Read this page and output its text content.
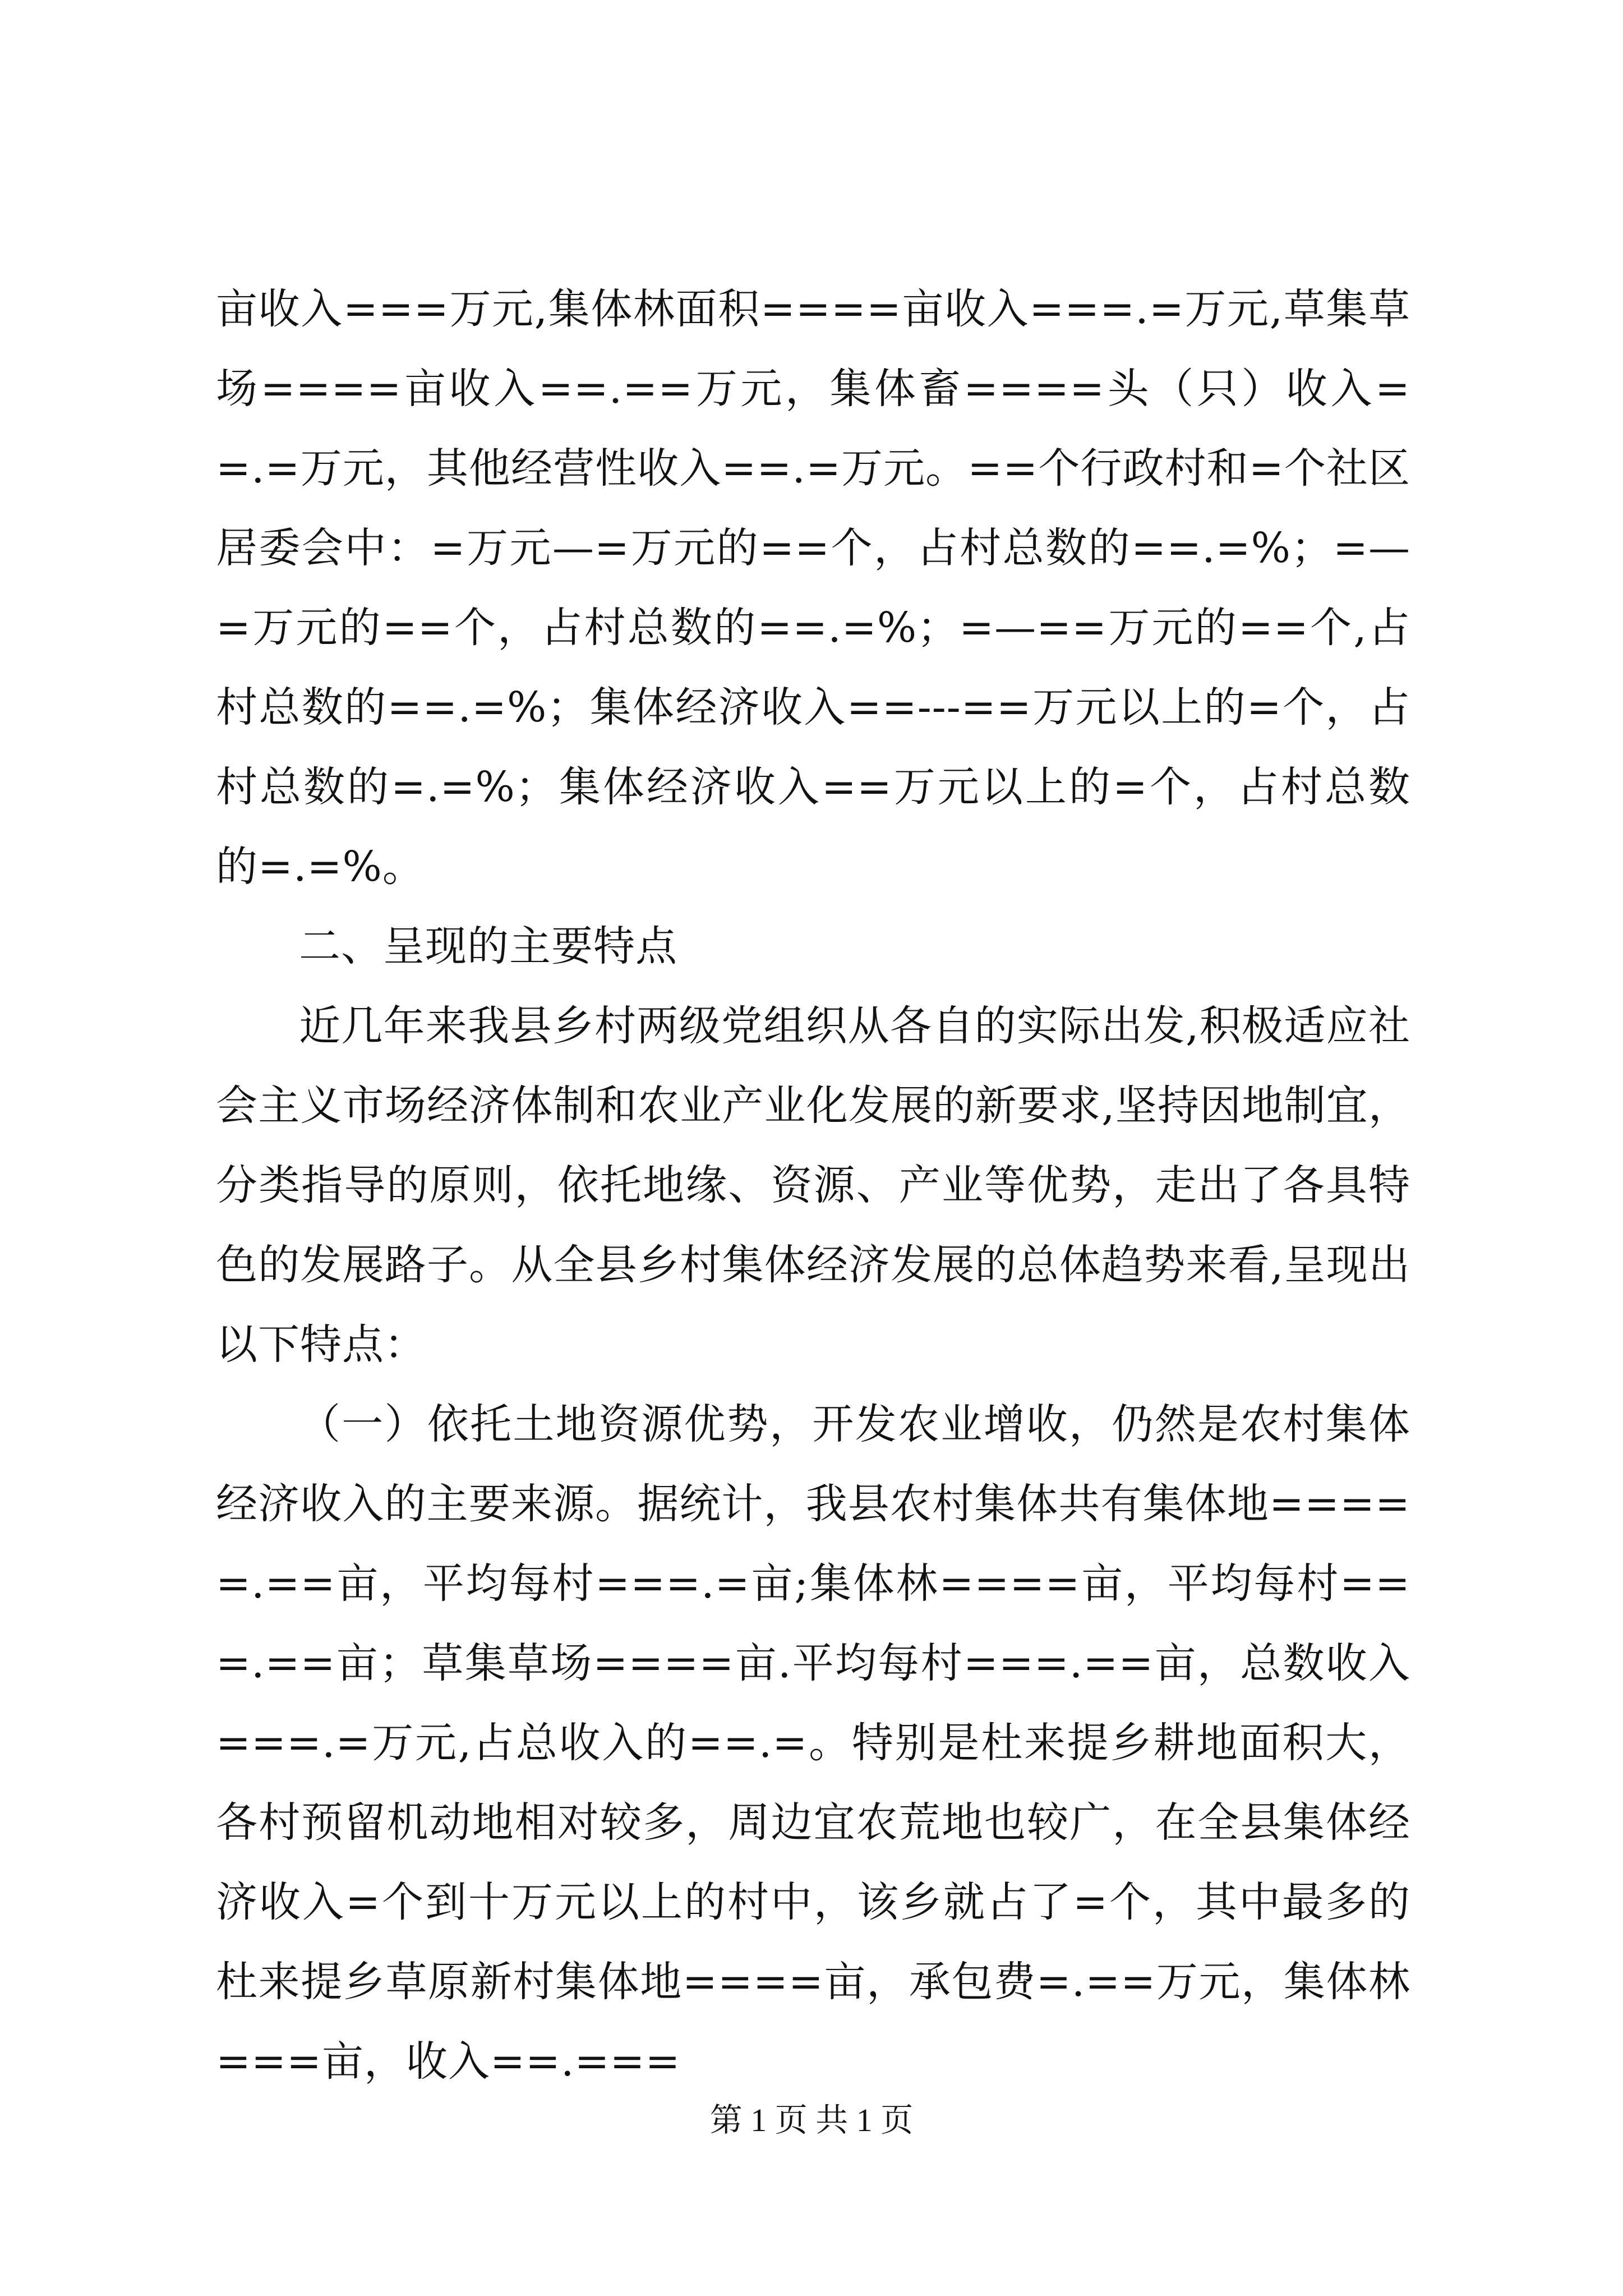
亩收入===万元,集体林面积====亩收入===.=万元,草集草场====亩收入==.==万元，集体畜====头（只）收入==.=万元，其他经营性收入==.=万元。==个行政村和=个社区居委会中：=万元—=万元的==个，占村总数的==.=%；=—=万元的==个，占村总数的==.=%；=—==万元的==个,占村总数的==.=%；集体经济收入==---==万元以上的=个，占村总数的=.=%；集体经济收入==万元以上的=个，占村总数的=.=%。

二、呈现的主要特点

近几年来我县乡村两级党组织从各自的实际出发,积极适应社会主义市场经济体制和农业产业化发展的新要求,坚持因地制宜，分类指导的原则，依托地缘、资源、产业等优势，走出了各具特色的发展路子。从全县乡村集体经济发展的总体趋势来看,呈现出以下特点：

（一）依托土地资源优势，开发农业增收，仍然是农村集体经济收入的主要来源。据统计，我县农村集体共有集体地=====.==亩，平均每村===.=亩;集体林====亩，平均每村===.==亩；草集草场====亩.平均每村===.==亩，总数收入===.=万元,占总收入的==.=。特别是杜来提乡耕地面积大，各村预留机动地相对较多，周边宜农荒地也较广，在全县集体经济收入=个到十万元以上的村中，该乡就占了=个，其中最多的杜来提乡草原新村集体地====亩，承包费=.==万元，集体林===亩，收入==.===

第 1 页 共 1 页
